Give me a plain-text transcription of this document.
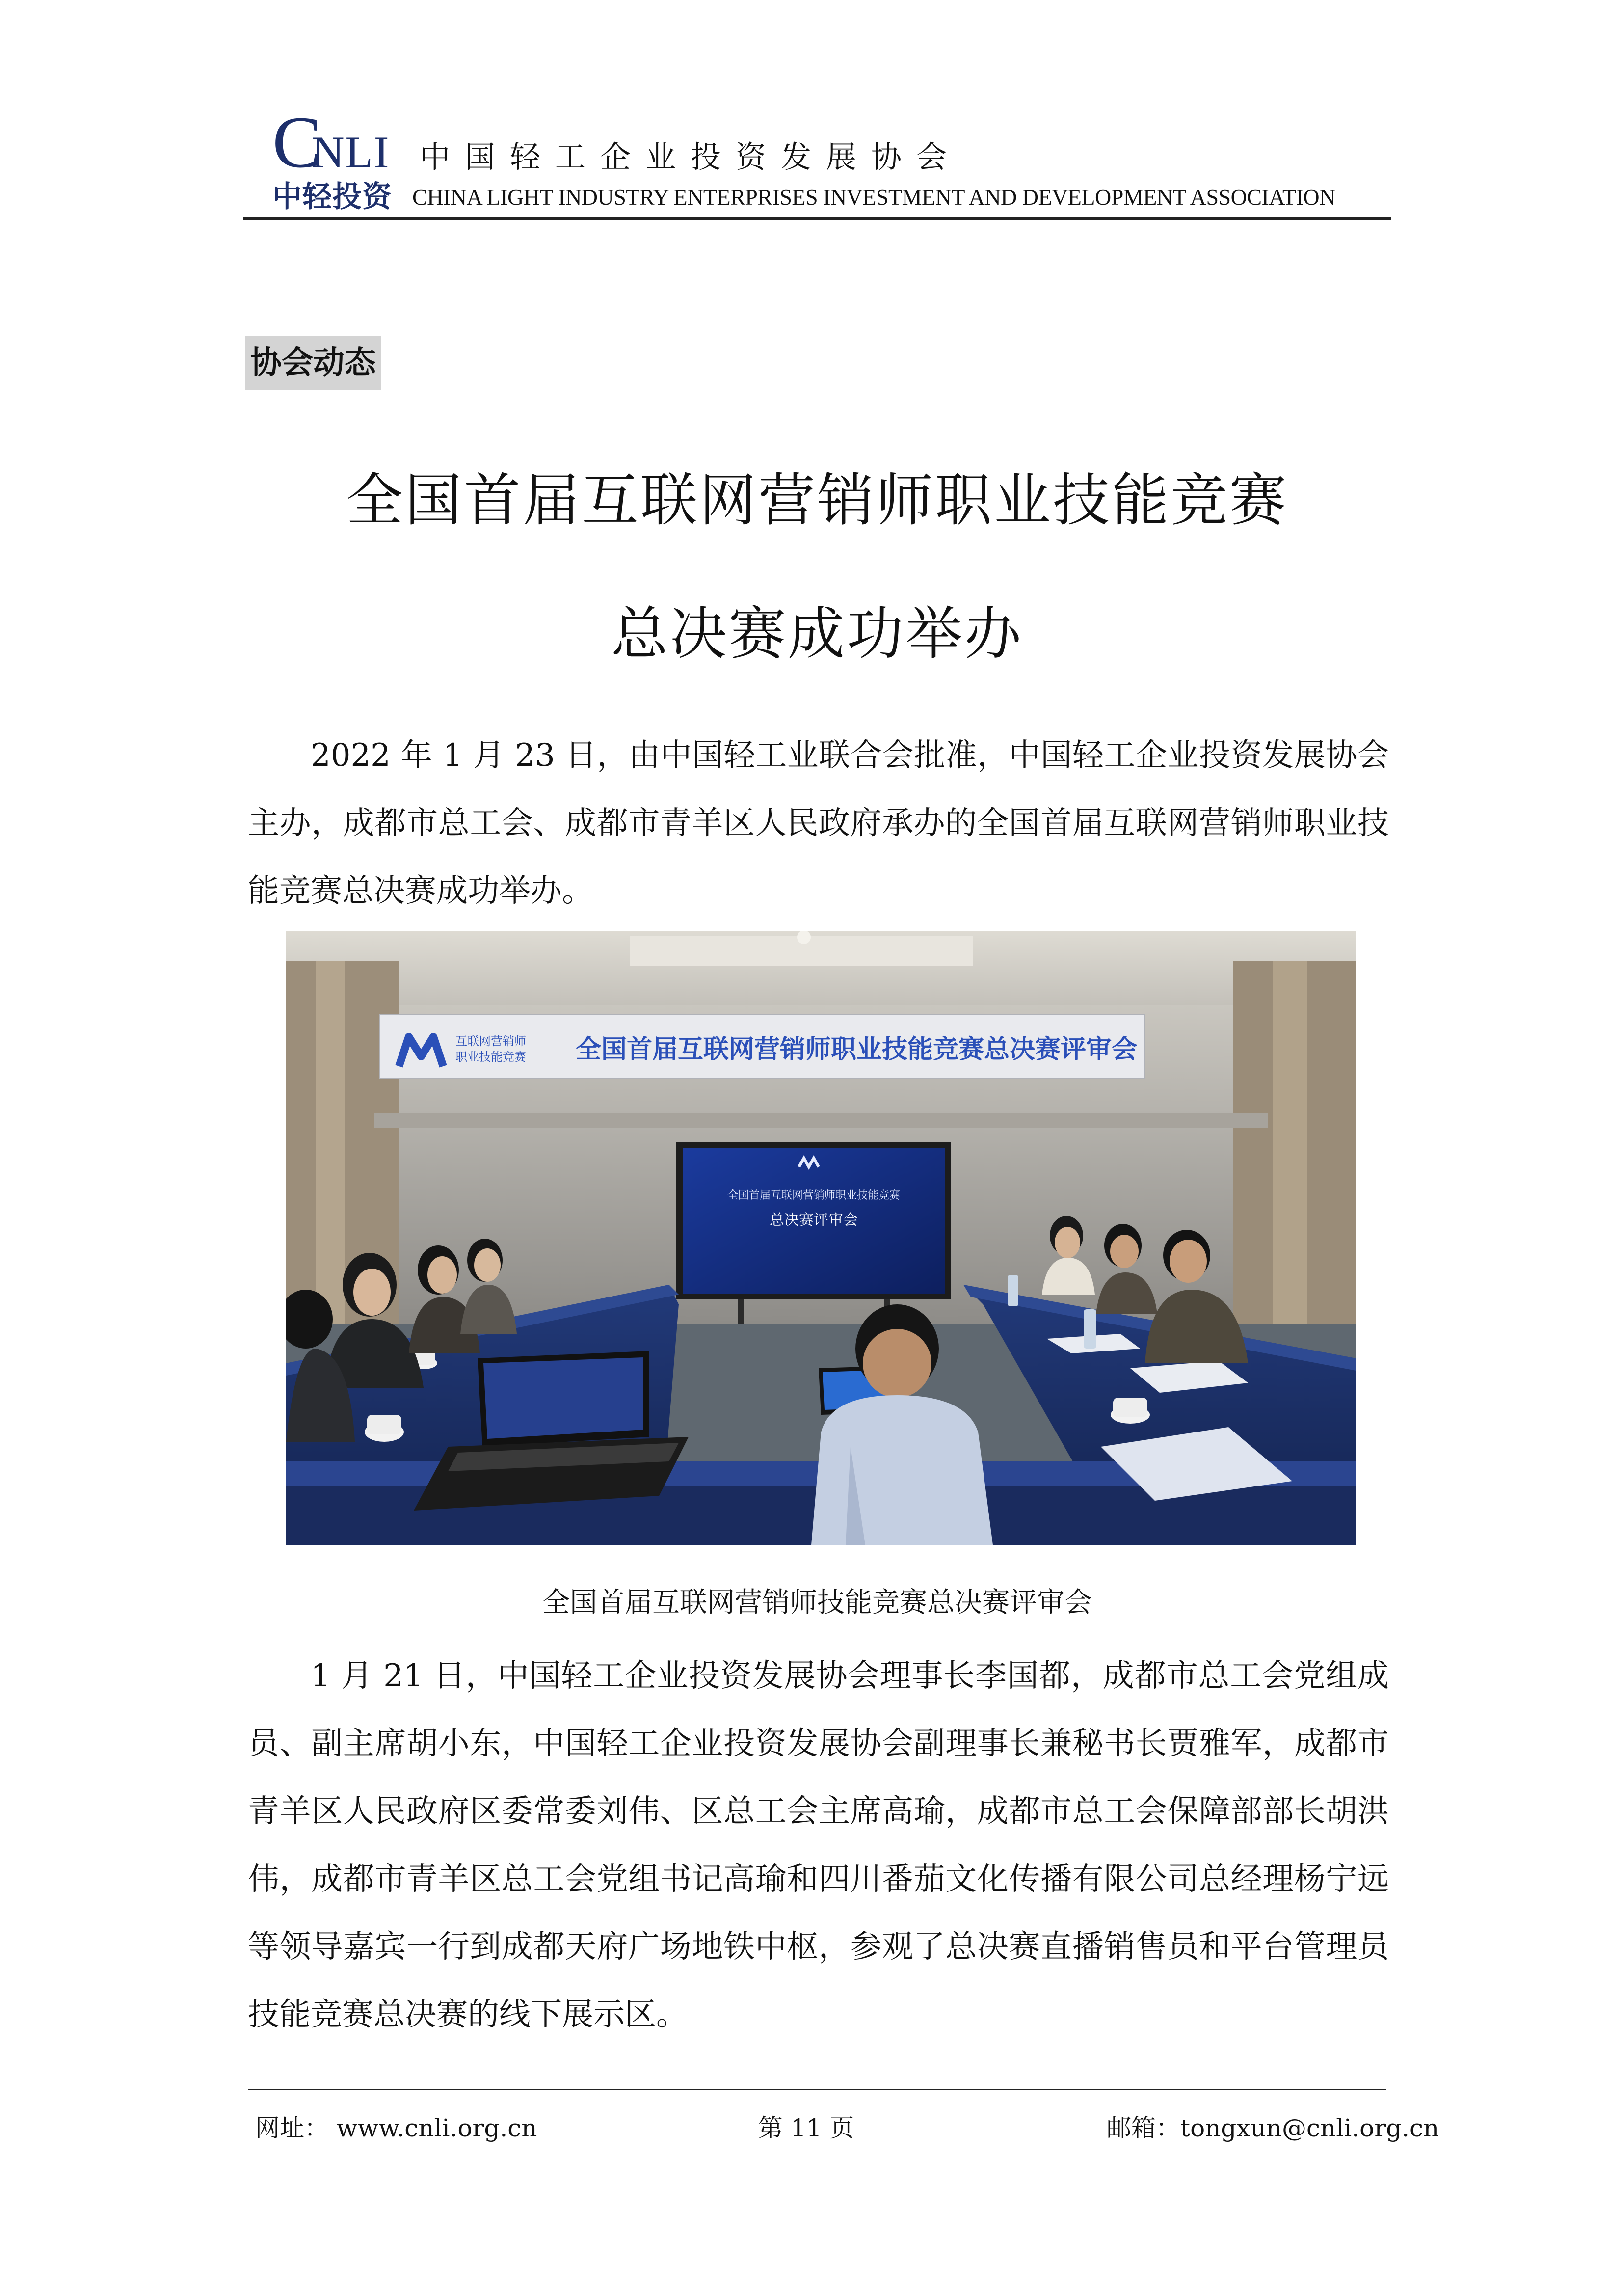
CNLI
中轻投资
中国轻工企业投资发展协会
CHINA LIGHT INDUSTRY ENTERPRISES INVESTMENT AND DEVELOPMENT ASSOCIATION
协会动态
全国首届互联网营销师职业技能竞赛
总决赛成功举办
2022 年 1 月 23 日，由中国轻工业联合会批准，中国轻工企业投资发展协会主办，成都市总工会、成都市青羊区人民政府承办的全国首届互联网营销师职业技能竞赛总决赛成功举办。
互联网营销师
职业技能竞赛 全国首届互联网营销师职业技能竞赛总决赛评审会
全国首届互联网营销师职业技能竞赛
总决赛评审会
全国首届互联网营销师技能竞赛总决赛评审会
1 月 21 日，中国轻工企业投资发展协会理事长李国都，成都市总工会党组成员、副主席胡小东，中国轻工企业投资发展协会副理事长兼秘书长贾雅军，成都市青羊区人民政府区委常委刘伟、区总工会主席高瑜，成都市总工会保障部部长胡洪伟，成都市青羊区总工会党组书记高瑜和四川番茄文化传播有限公司总经理杨宁远等领导嘉宾一行到成都天府广场地铁中枢，参观了总决赛直播销售员和平台管理员技能竞赛总决赛的线下展示区。
网址： www.cnli.org.cn	第 11 页	邮箱：tongxun@cnli.org.cn
